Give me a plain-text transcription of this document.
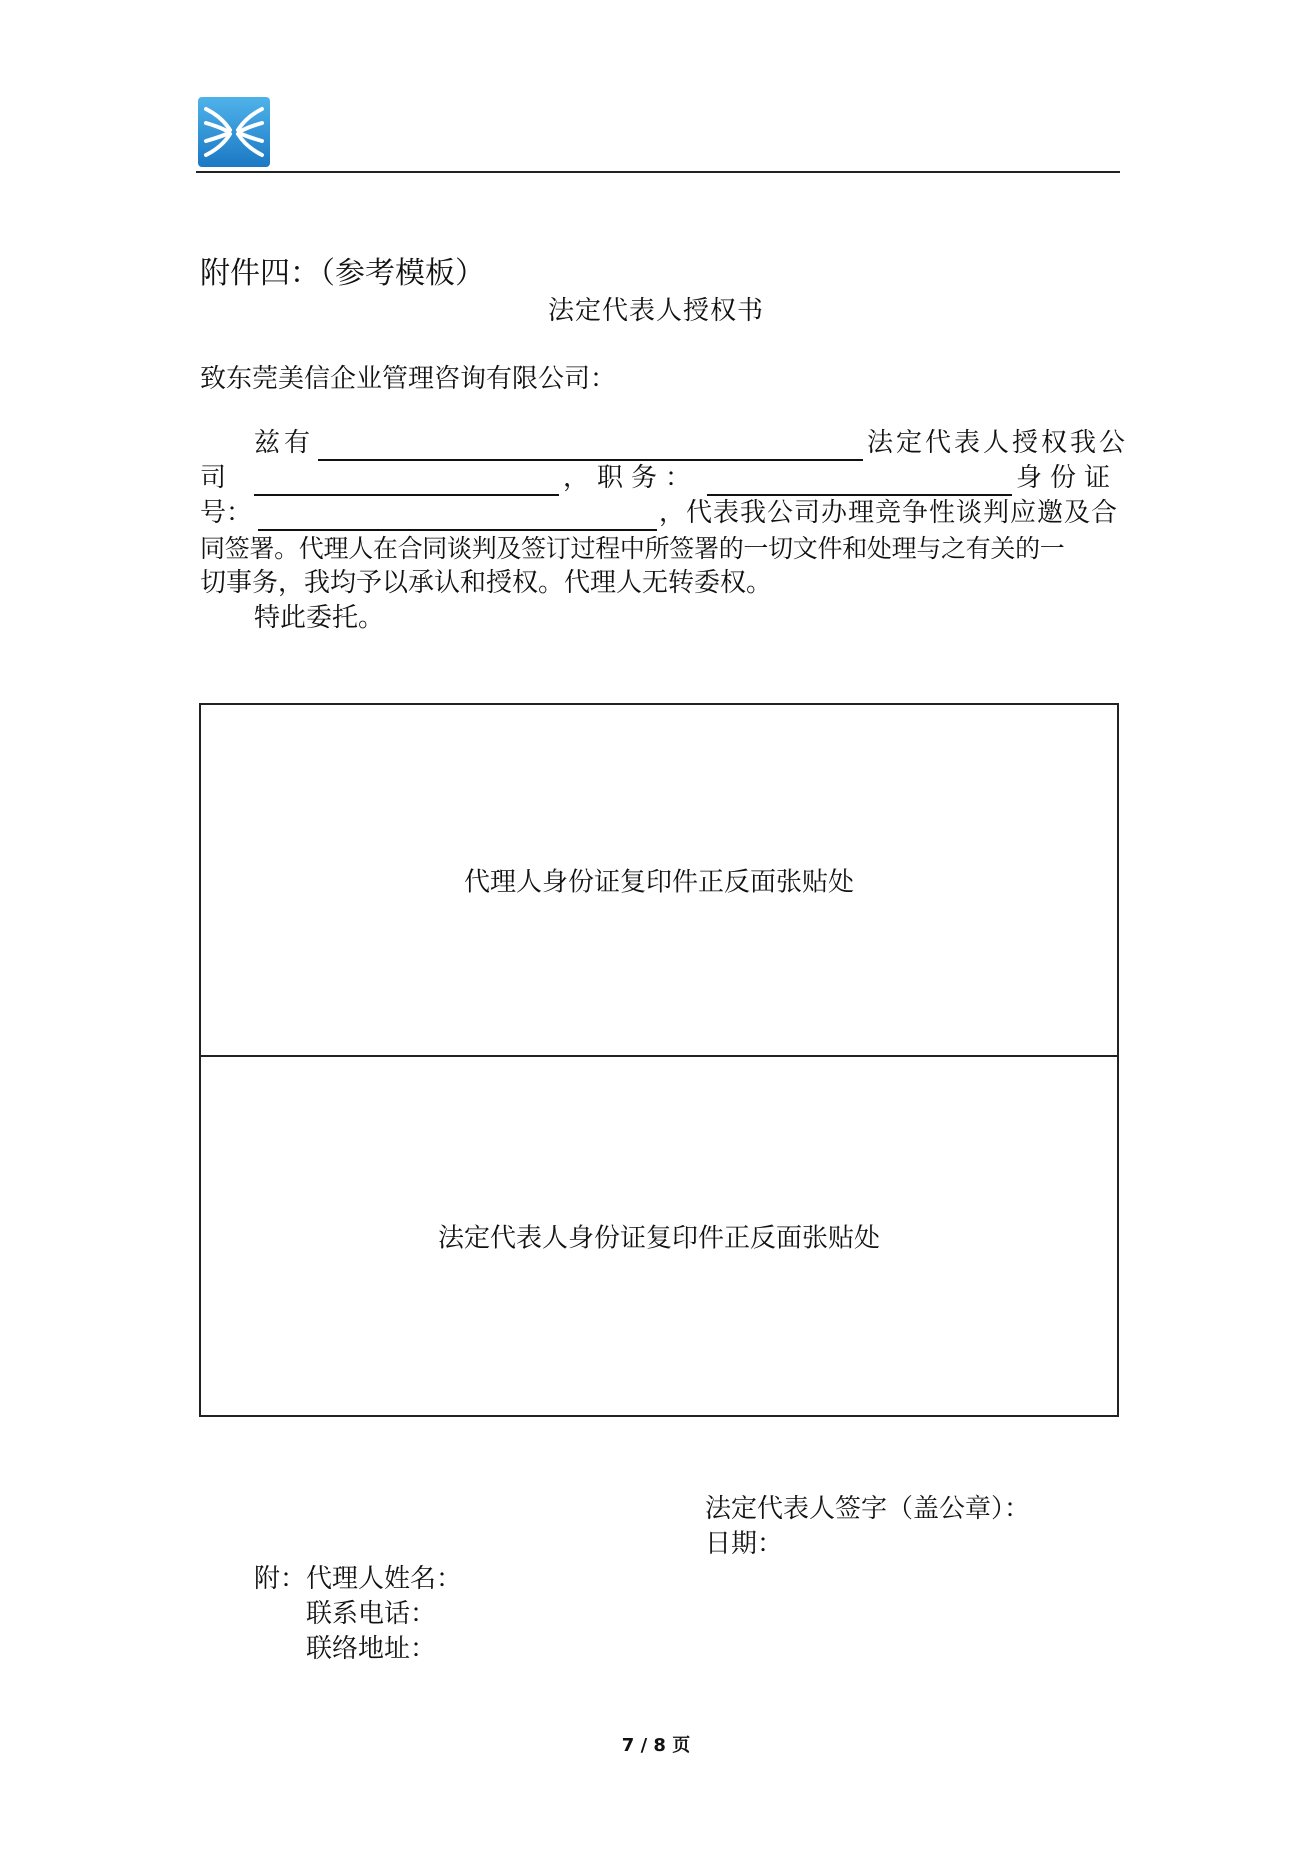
附件四：（参考模板）
法定代表人授权书
致东莞美信企业管理咨询有限公司：
兹有	法定代表人授权我公
司	，职务：	身份证
号：	，代表我公司办理竞争性谈判应邀及合
同签署。代理人在合同谈判及签订过程中所签署的一切文件和处理与之有关的一
切事务，我均予以承认和授权。代理人无转委权。
特此委托。
代理人身份证复印件正反面张贴处
法定代表人身份证复印件正反面张贴处
法定代表人签字（盖公章）：
日期：
附： 代理人姓名：
联系电话：
联络地址：
7 / 8 页
